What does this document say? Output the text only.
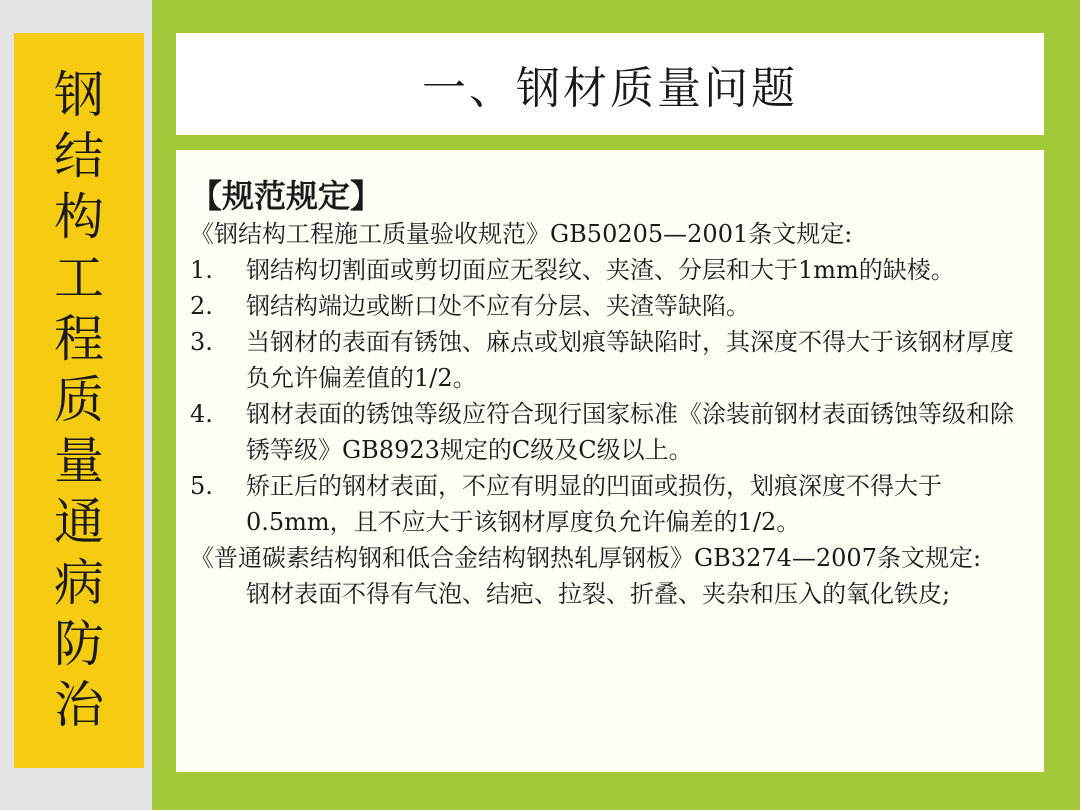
钢
结
构
工
程
质
量
通
病
防
治
一、钢材质量问题
【规范规定】

《钢结构工程施工质量验收规范》GB50205—2001条文规定:

1.	钢结构切割面或剪切面应无裂纹、夹渣、分层和大于1mm的缺棱。
2.	钢结构端边或断口处不应有分层、夹渣等缺陷。
3.	当钢材的表面有锈蚀、麻点或划痕等缺陷时，其深度不得大于该钢材厚度负允许偏差值的1/2。
4.	钢材表面的锈蚀等级应符合现行国家标准《涂装前钢材表面锈蚀等级和除锈等级》GB8923规定的C级及C级以上。
5.	矫正后的钢材表面，不应有明显的凹面或损伤，划痕深度不得大于0.5mm，且不应大于该钢材厚度负允许偏差的1/2。

《普通碳素结构钢和低合金结构钢热轧厚钢板》GB3274—2007条文规定:

钢材表面不得有气泡、结疤、拉裂、折叠、夹杂和压入的氧化铁皮;
